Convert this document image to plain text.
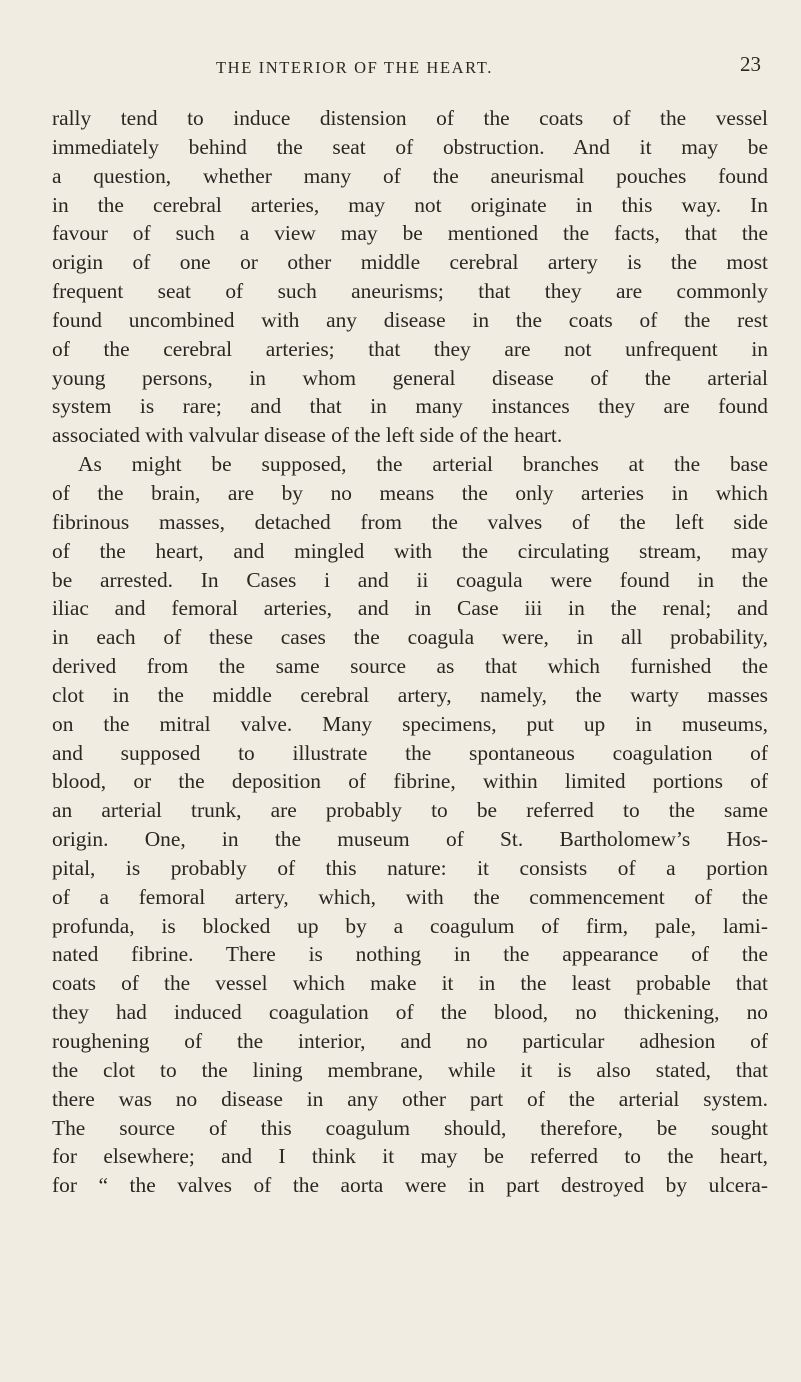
THE INTERIOR OF THE HEART.	23
rally tend to induce distension of the coats of the vessel
immediately behind the seat of obstruction. And it may be
a question, whether many of the aneurismal pouches found
in the cerebral arteries, may not originate in this way. In
favour of such a view may be mentioned the facts, that the
origin of one or other middle cerebral artery is the most
frequent seat of such aneurisms; that they are commonly
found uncombined with any disease in the coats of the rest
of the cerebral arteries; that they are not unfrequent in
young persons, in whom general disease of the arterial
system is rare; and that in many instances they are found
associated with valvular disease of the left side of the heart.
As might be supposed, the arterial branches at the base
of the brain, are by no means the only arteries in which
fibrinous masses, detached from the valves of the left side
of the heart, and mingled with the circulating stream, may
be arrested. In Cases i and ii coagula were found in the
iliac and femoral arteries, and in Case iii in the renal; and
in each of these cases the coagula were, in all probability,
derived from the same source as that which furnished the
clot in the middle cerebral artery, namely, the warty masses
on the mitral valve. Many specimens, put up in museums,
and supposed to illustrate the spontaneous coagulation of
blood, or the deposition of fibrine, within limited portions of
an arterial trunk, are probably to be referred to the same
origin. One, in the museum of St. Bartholomew’s Hos-
pital, is probably of this nature: it consists of a portion
of a femoral artery, which, with the commencement of the
profunda, is blocked up by a coagulum of firm, pale, lami-
nated fibrine. There is nothing in the appearance of the
coats of the vessel which make it in the least probable that
they had induced coagulation of the blood, no thickening, no
roughening of the interior, and no particular adhesion of
the clot to the lining membrane, while it is also stated, that
there was no disease in any other part of the arterial system.
The source of this coagulum should, therefore, be sought
for elsewhere; and I think it may be referred to the heart,
for “ the valves of the aorta were in part destroyed by ulcera-
